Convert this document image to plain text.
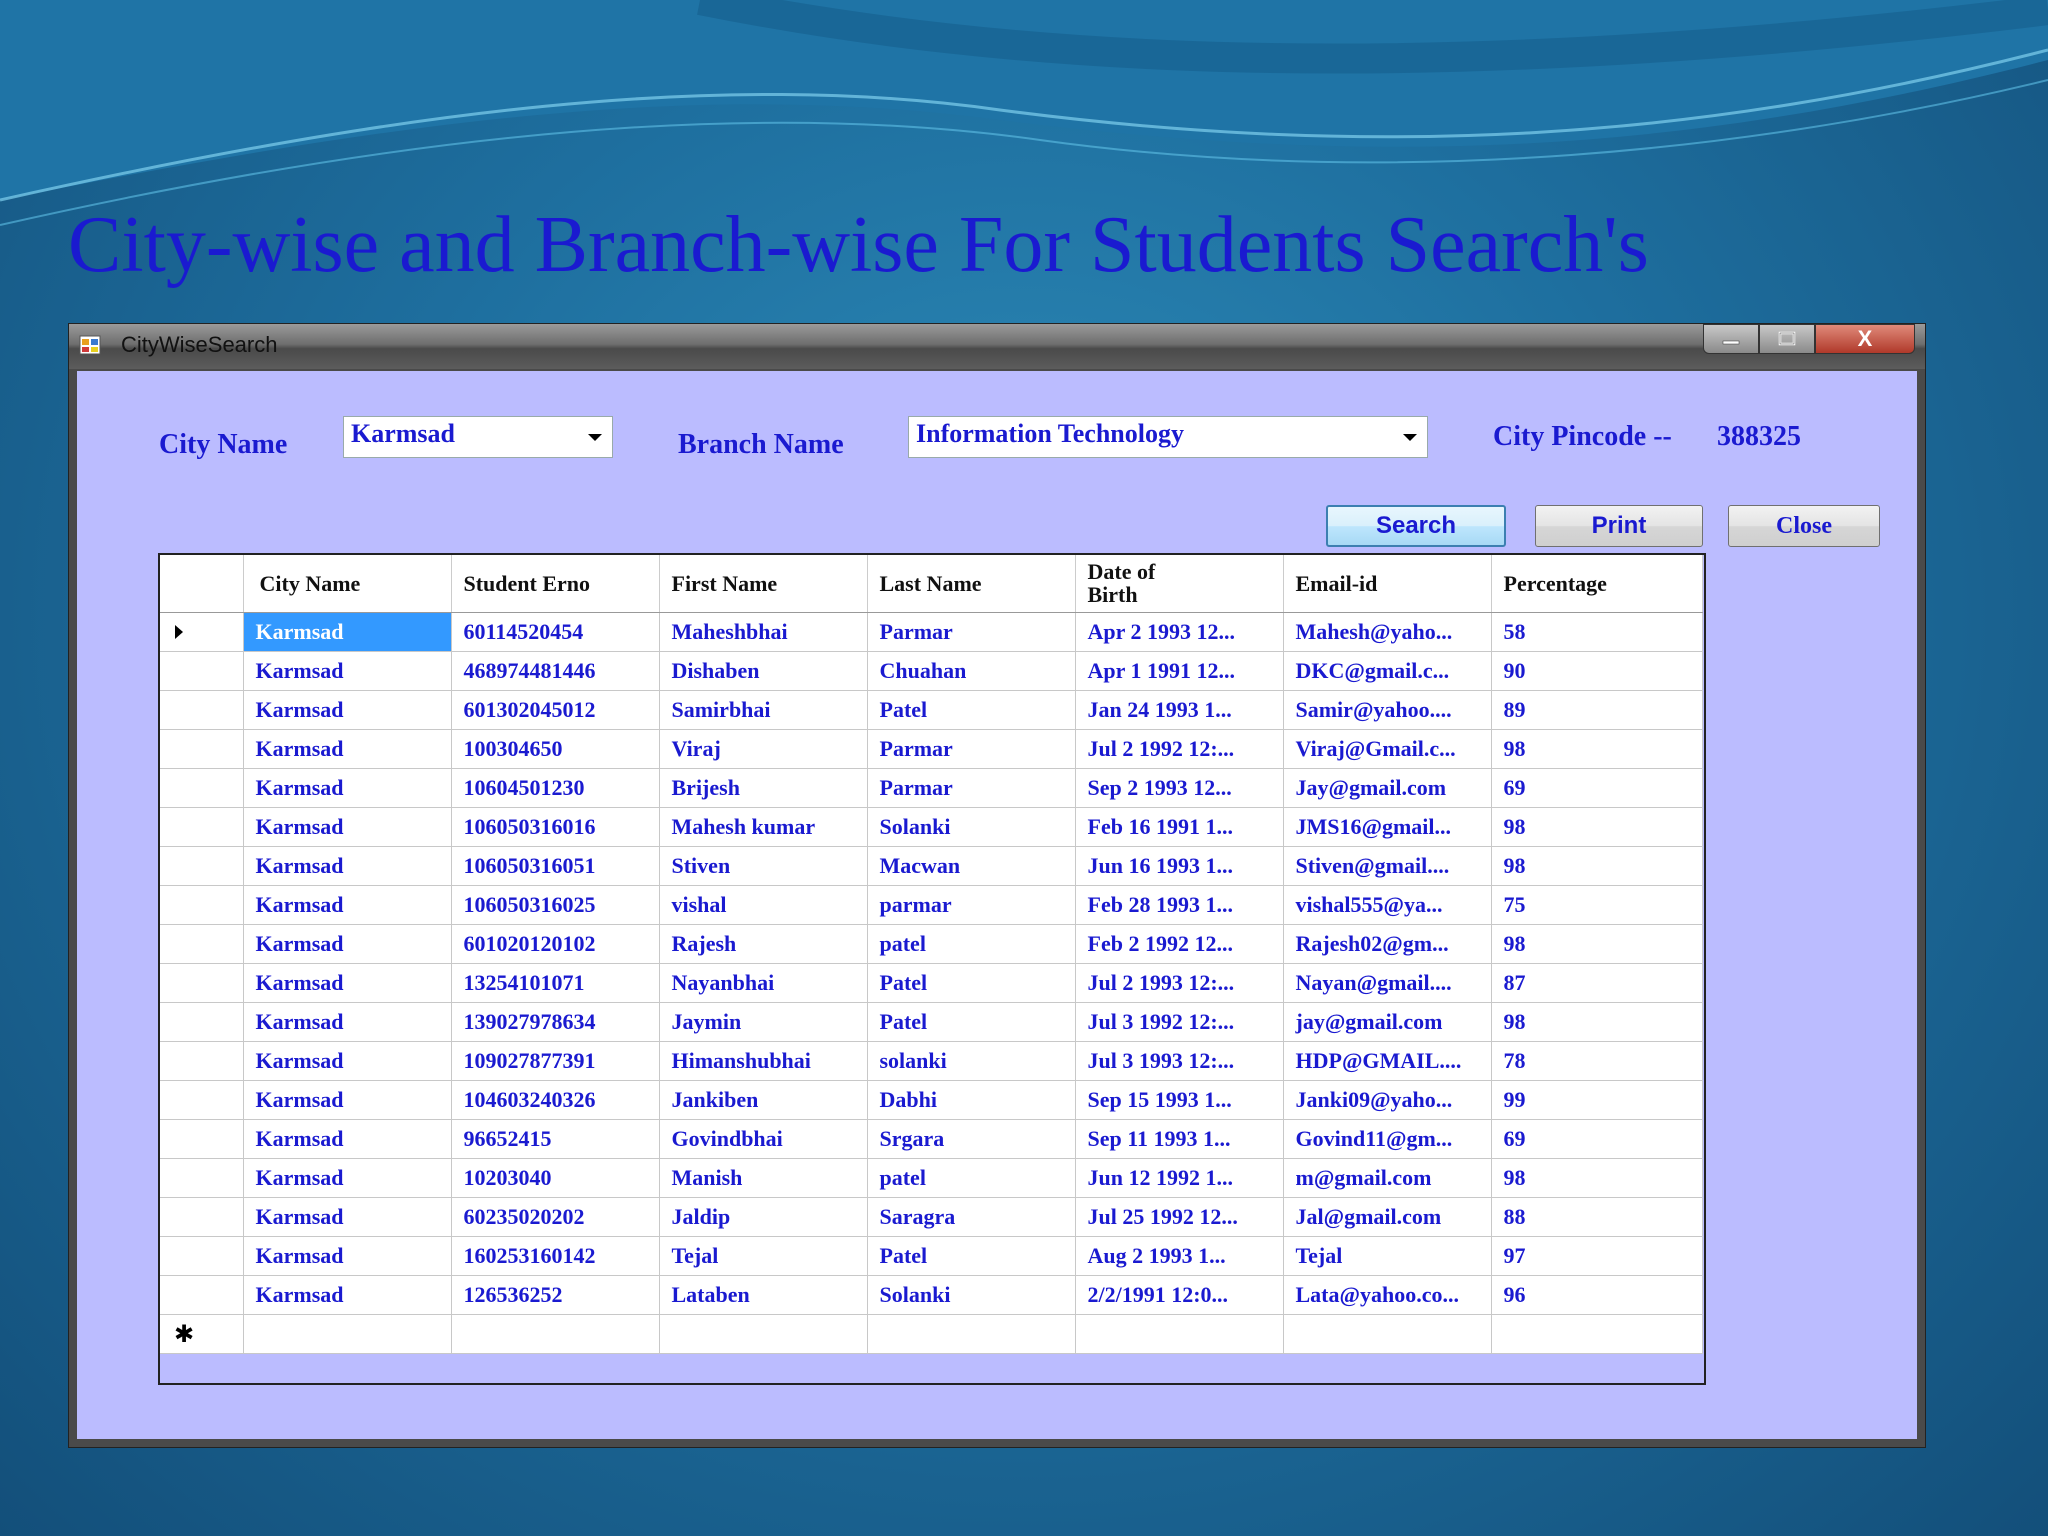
City-wise and Branch-wise For Students Search's
CityWiseSearch	X
City Name	Karmsad	Branch Name	Information Technology	City Pincode -- 388325
Search	Print	Close
	City Name	Student Erno	First Name	Last Name	Date of Birth	Email-id	Percentage
	Karmsad	60114520454	Maheshbhai	Parmar	Apr 2 1993 12...	Mahesh@yaho...	58
	Karmsad	468974481446	Dishaben	Chuahan	Apr 1 1991 12...	DKC@gmail.c...	90
	Karmsad	601302045012	Samirbhai	Patel	Jan 24 1993 1...	Samir@yahoo....	89
	Karmsad	100304650	Viraj	Parmar	Jul 2 1992 12:...	Viraj@Gmail.c...	98
	Karmsad	10604501230	Brijesh	Parmar	Sep 2 1993 12...	Jay@gmail.com	69
	Karmsad	106050316016	Mahesh kumar	Solanki	Feb 16 1991 1...	JMS16@gmail...	98
	Karmsad	106050316051	Stiven	Macwan	Jun 16 1993 1...	Stiven@gmail....	98
	Karmsad	106050316025	vishal	parmar	Feb 28 1993 1...	vishal555@ya...	75
	Karmsad	601020120102	Rajesh	patel	Feb 2 1992 12...	Rajesh02@gm...	98
	Karmsad	13254101071	Nayanbhai	Patel	Jul 2 1993 12:...	Nayan@gmail....	87
	Karmsad	139027978634	Jaymin	Patel	Jul 3 1992 12:...	jay@gmail.com	98
	Karmsad	109027877391	Himanshubhai	solanki	Jul 3 1993 12:...	HDP@GMAIL....	78
	Karmsad	104603240326	Jankiben	Dabhi	Sep 15 1993 1...	Janki09@yaho...	99
	Karmsad	96652415	Govindbhai	Srgara	Sep 11 1993 1...	Govind11@gm...	69
	Karmsad	10203040	Manish	patel	Jun 12 1992 1...	m@gmail.com	98
	Karmsad	60235020202	Jaldip	Saragra	Jul 25 1992 12...	Jal@gmail.com	88
	Karmsad	160253160142	Tejal	Patel	Aug 2 1993 1...	Tejal	97
	Karmsad	126536252	Lataben	Solanki	2/2/1991 12:0...	Lata@yahoo.co...	96
✱							
